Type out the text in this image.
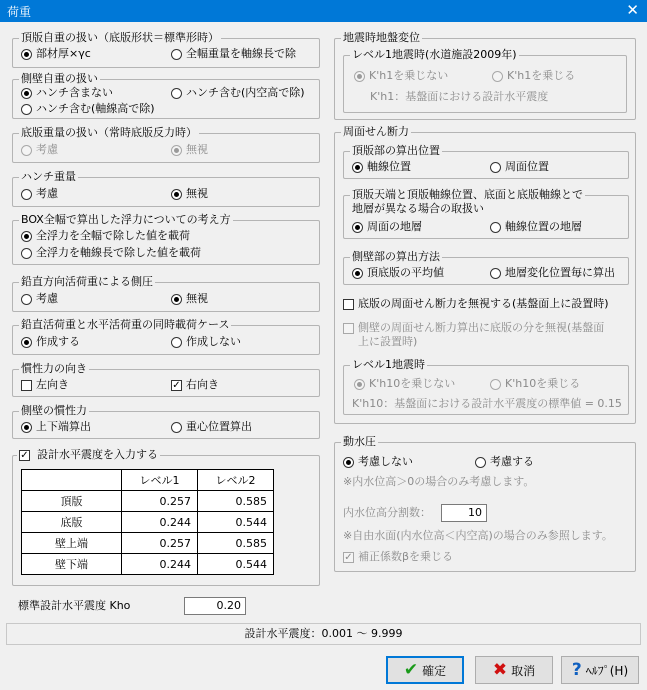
荷重	✕
頂版自重の扱い（底版形状＝標準形時）
部材厚×γc	全幅重量を軸線長で除
側壁自重の扱い
ハンチ含まない	ハンチ含む(内空高で除)
ハンチ含む(軸線高で除)
底版重量の扱い（常時底版反力時）
考慮	無視
ハンチ重量
考慮	無視
BOX全幅で算出した浮力についての考え方
全浮力を全幅で除した値を載荷
全浮力を軸線長で除した値を載荷
鉛直方向活荷重による側圧
考慮	無視
鉛直活荷重と水平活荷重の同時載荷ケース
作成する	作成しない
慣性力の向き
左向き	✓ 右向き
側壁の慣性力
上下端算出	重心位置算出
✓ 設計水平震度を入力する
	レベル1	レベル2
頂版	0.257	0.585
底版	0.244	0.544
壁上端	0.257	0.585
壁下端	0.244	0.544
標準設計水平震度 Kho	0.20
地震時地盤変位
レベル1地震時(水道施設2009年)
K'h1を乗じない	K'h1を乗じる
K'h1：基盤面における設計水平震度
周面せん断力
頂版部の算出位置
軸線位置	周面位置
頂版天端と頂版軸線位置、底面と底版軸線とで
地層が異なる場合の取扱い
周面の地層	軸線位置の地層
側壁部の算出方法
頂底版の平均値	地層変化位置毎に算出
底版の周面せん断力を無視する(基盤面上に設置時)
側壁の周面せん断力算出に底版の分を無視(基盤面
上に設置時)
レベル1地震時
K'h10を乗じない	K'h10を乗じる
K'h10：基盤面における設計水平震度の標準値 = 0.15
動水圧
考慮しない	考慮する
※内水位高＞0の場合のみ考慮します。
内水位高分割数：	10
※自由水面(内水位高＜内空高)の場合のみ参照します。
✓ 補正係数βを乗じる
設計水平震度：0.001 ～ 9.999
✔ 確定	✖ 取消 ? ﾍﾙﾌﾟ(H)
